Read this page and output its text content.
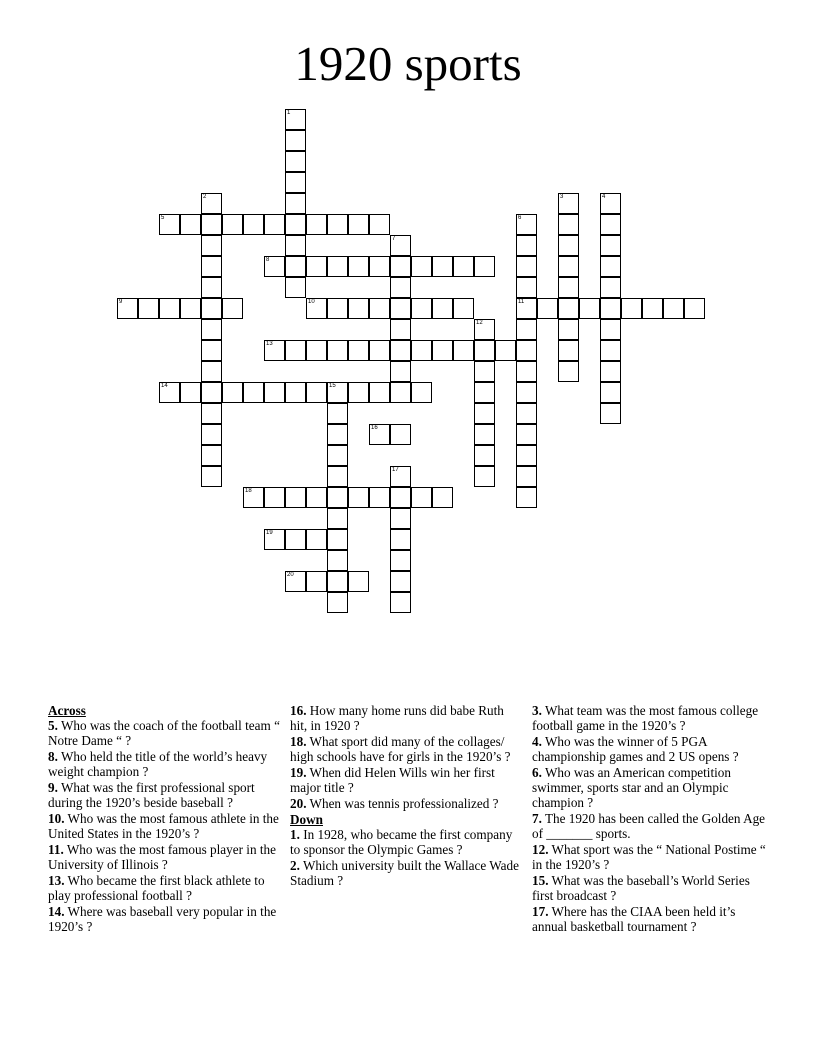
1920 sports
1
2	3	4
5	6
11
7
8
9	10
12
13
14	15
16
17
18
19
20
Across
5. Who was the coach of the football team “ Notre Dame “ ?
8. Who held the title of the world’s heavy weight champion ?
9. What was the first professional sport during the 1920’s beside baseball ?
10. Who was the most famous athlete in the United States in the 1920’s ?
11. Who was the most famous player in the University of Illinois ?
13. Who became the first black athlete to play professional football ?
14. Where was baseball very popular in the 1920’s ?
16. How many home runs did babe Ruth hit, in 1920 ?
18. What sport did many of the collages/ high schools have for girls in the 1920’s ?
19. When did Helen Wills win her first major title ?
20. When was tennis professionalized ?
Down
1. In 1928, who became the first company to sponsor the Olympic Games ?
2. Which university built the Wallace Wade Stadium ?
3. What team was the most famous college football game in the 1920’s ?
4. Who was the winner of 5 PGA championship games and 2 US opens ?
6. Who was an American competition swimmer, sports star and an Olympic champion ?
7. The 1920 has been called the Golden Age of _______ sports.
12. What sport was the “ National Postime “ in the 1920’s ?
15. What was the baseball’s World Series first broadcast ?
17. Where has the CIAA been held it’s annual basketball tournament ?
